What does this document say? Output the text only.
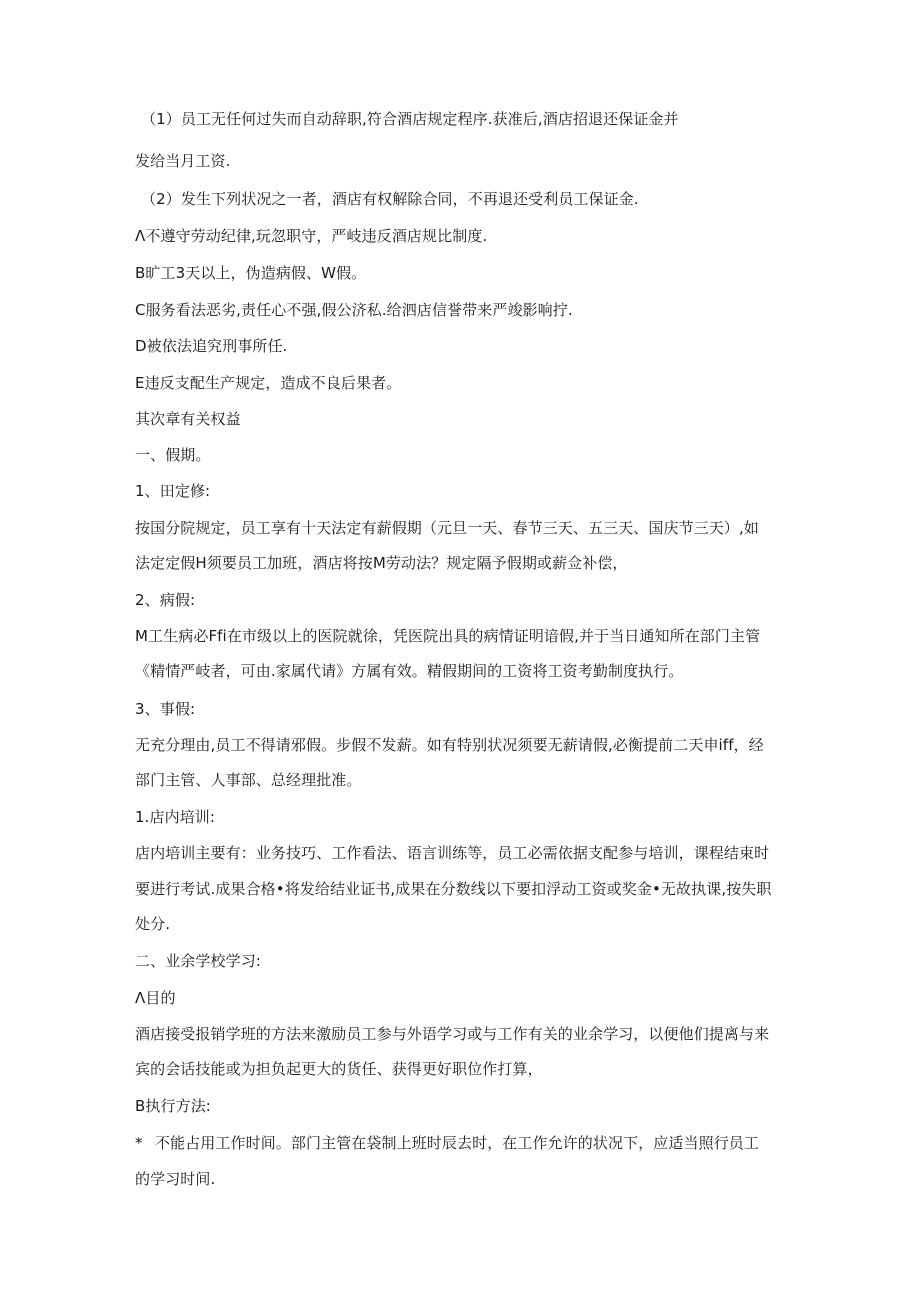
（1）员工无任何过失而自动辞职,符合酒店规定程序.获准后,酒店招退还保证金并
发给当月工资.
（2）发生下列状况之一者，酒店有权解除合同，不再退还受利员工保证金.
Λ不遵守劳动纪律,玩忽职守，严岐违反酒店规比制度.
B旷工3天以上，伪造病假、W假。
C服务看法恶劣,责任心不强,假公济私.给泗店信誉带来严竣影响拧.
D被依法追究刑事所任.
E违反支配生产规定，造成不良后果者。
其次章有关权益
一、假期。
1、田定修:
按国分院规定，员工享有十天法定有薪假期（元旦一天、春节三天、五三天、国庆节三天）,如
法定定假H须要员工加班，酒店将按M劳动法？规定隔予假期或薪佥补偿，
2、病假:
M工生病必Ffi在市级以上的医院就徐，凭医院出具的病情证明谙假,并于当日通知所在部门主管
《精情严岐者，可由.家属代请》方属有效。精假期间的工资将工资考勤制度执行。
3、事假:
无充分理由,员工不得请邪假。步假不发薪。如有特别状况须要无薪请假,必衡提前二天申iff，经
部门主管、人事部、总经理批准。
1.店内培训:
店内培训主要有：业务技巧、工作看法、语言训练等，员工必需依据支配参与培训，课程结束时
要进行考试.成果合格•将发给结业证书,成果在分数线以下要扣浮动工资或奖金•无故执课,按失职
处分.
二、业余学校学习:
Λ目的
酒店接受报销学班的方法来激励员工参与外语学习或与工作有关的业余学习，以便他们提离与来
宾的会话技能或为担负起更大的货任、获得更好职位作打算，
B执行方法:
* 不能占用工作时间。部门主管在袋制上班时辰去时，在工作允许的状况下，应适当照行员工
的学习时间.
